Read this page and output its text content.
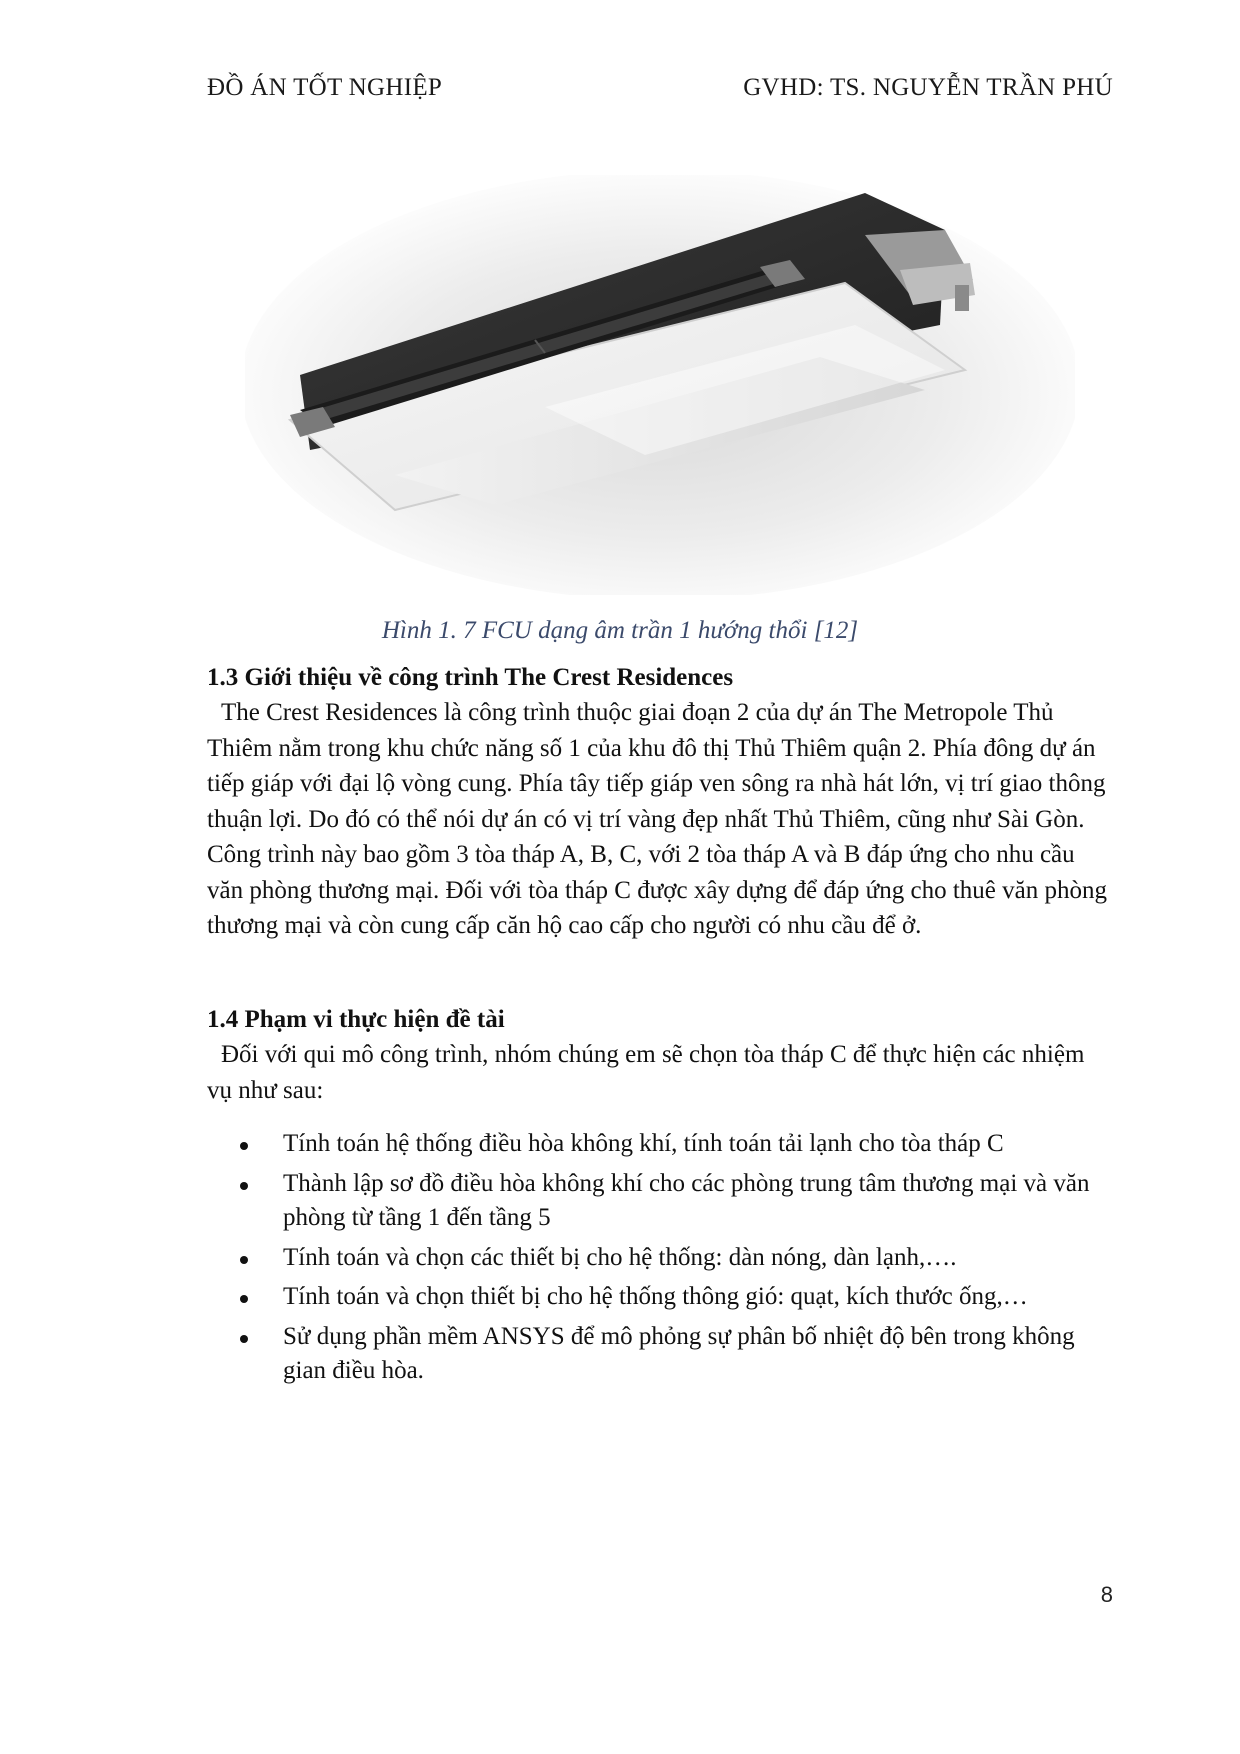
ĐỒ ÁN TỐT NGHIỆP	GVHD: TS. NGUYỄN TRẦN PHÚ
Hình 1. 7 FCU dạng âm trần 1 hướng thổi [12]
1.3 Giới thiệu về công trình The Crest Residences

The Crest Residences là công trình thuộc giai đoạn 2 của dự án The Metropole Thủ Thiêm nằm trong khu chức năng số 1 của khu đô thị Thủ Thiêm quận 2. Phía đông dự án tiếp giáp với đại lộ vòng cung. Phía tây tiếp giáp ven sông ra nhà hát lớn, vị trí giao thông thuận lợi. Do đó có thể nói dự án có vị trí vàng đẹp nhất Thủ Thiêm, cũng như Sài Gòn. Công trình này bao gồm 3 tòa tháp A, B, C, với 2 tòa tháp A và B đáp ứng cho nhu cầu văn phòng thương mại. Đối với tòa tháp C được xây dựng để đáp ứng cho thuê văn phòng thương mại và còn cung cấp căn hộ cao cấp cho người có nhu cầu để ở.

1.4 Phạm vi thực hiện đề tài

Đối với qui mô công trình, nhóm chúng em sẽ chọn tòa tháp C để thực hiện các nhiệm vụ như sau:

Tính toán hệ thống điều hòa không khí, tính toán tải lạnh cho tòa tháp C
Thành lập sơ đồ điều hòa không khí cho các phòng trung tâm thương mại và văn phòng từ tầng 1 đến tầng 5
Tính toán và chọn các thiết bị cho hệ thống: dàn nóng, dàn lạnh,….
Tính toán và chọn thiết bị cho hệ thống thông gió: quạt, kích thước ống,…
Sử dụng phần mềm ANSYS để mô phỏng sự phân bố nhiệt độ bên trong không gian điều hòa.
8
